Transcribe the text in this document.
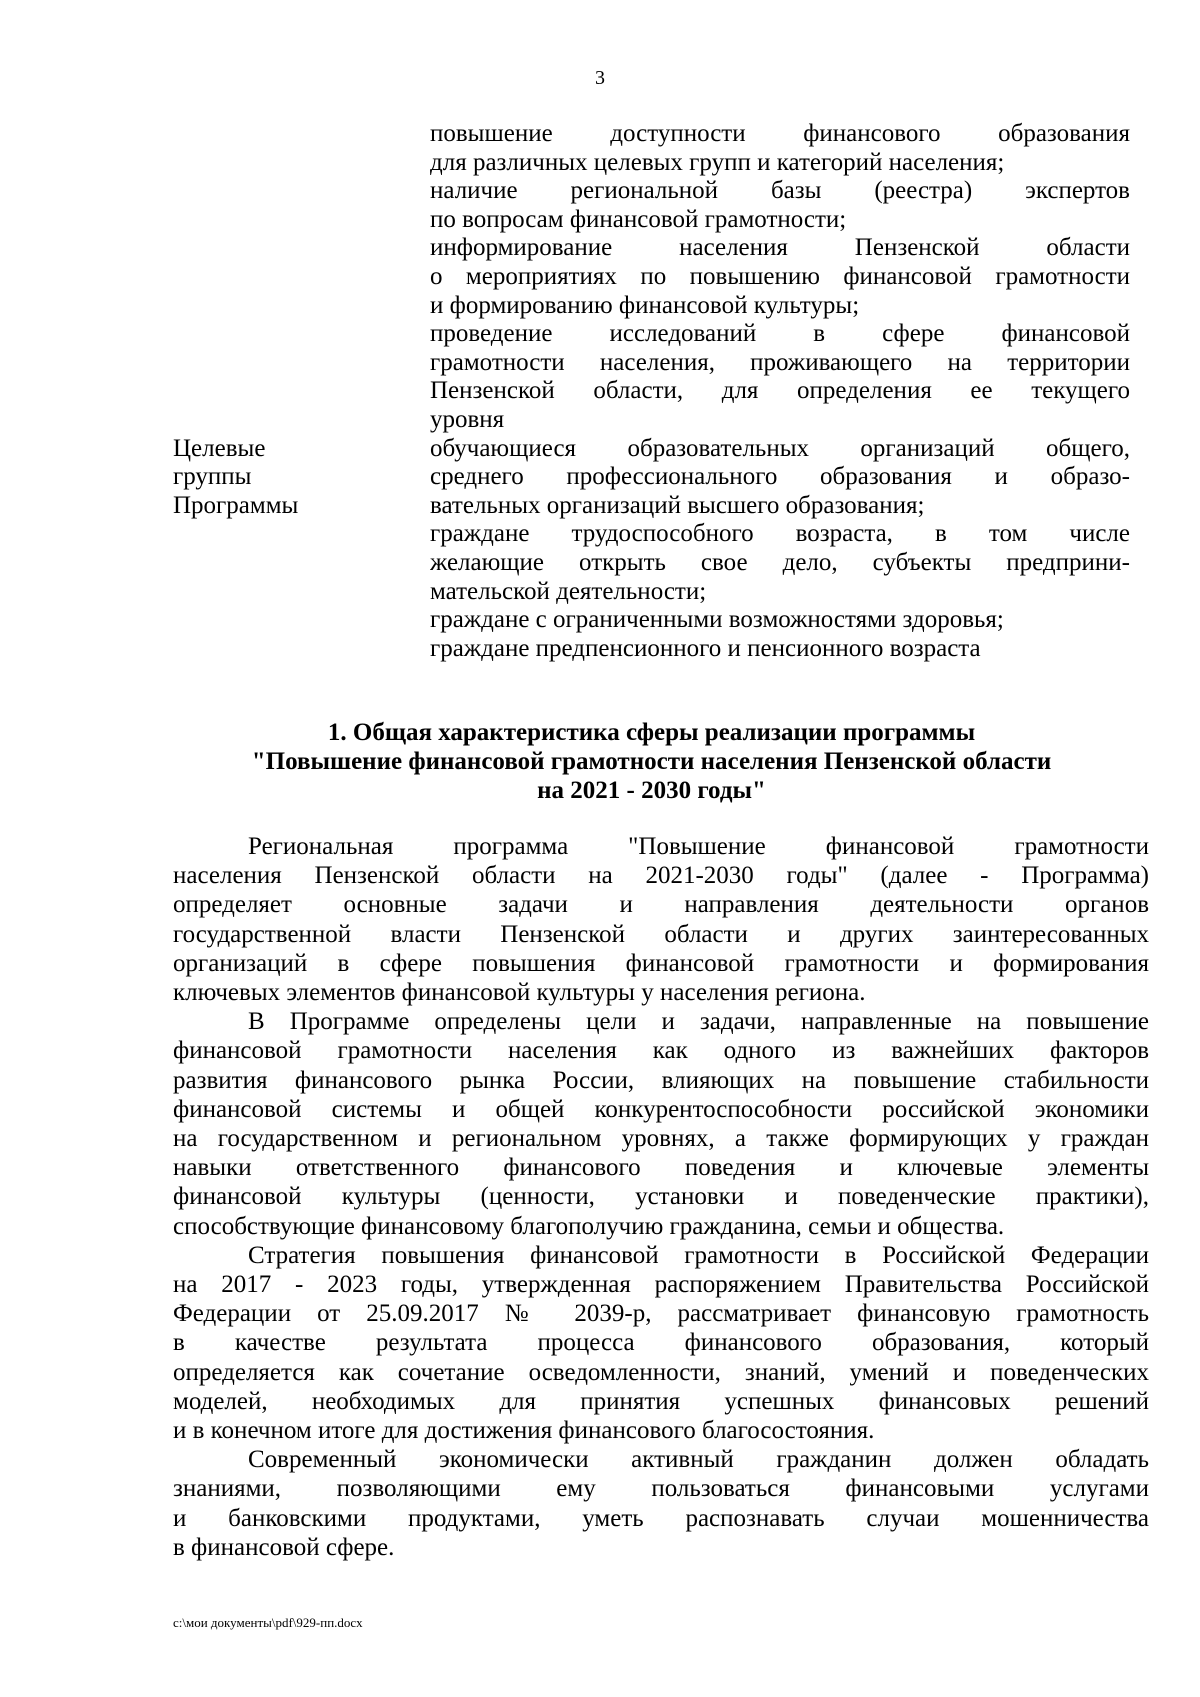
3
повышение доступности финансового образования
для различных целевых групп и категорий населения;
наличие региональной базы (реестра) экспертов
по вопросам финансовой грамотности;
информирование населения Пензенской области
о мероприятиях по повышению финансовой грамотности
и формированию финансовой культуры;
проведение исследований в сфере финансовой
грамотности населения, проживающего на территории
Пензенской области, для определения ее текущего
уровня
Целевые
группы
Программы
обучающиеся образовательных организаций общего,
среднего профессионального образования и образо-
вательных организаций высшего образования;
граждане трудоспособного возраста, в том числе
желающие открыть свое дело, субъекты предприни-
мательской деятельности;
граждане с ограниченными возможностями здоровья;
граждане предпенсионного и пенсионного возраста
1. Общая характеристика сферы реализации программы
"Повышение финансовой грамотности населения Пензенской области
на 2021 - 2030 годы"
Региональная программа "Повышение финансовой грамотности
населения Пензенской области на 2021-2030 годы" (далее - Программа)
определяет основные задачи и направления деятельности органов
государственной власти Пензенской области и других заинтересованных
организаций в сфере повышения финансовой грамотности и формирования
ключевых элементов финансовой культуры у населения региона.
В Программе определены цели и задачи, направленные на повышение
финансовой грамотности населения как одного из важнейших факторов
развития финансового рынка России, влияющих на повышение стабильности
финансовой системы и общей конкурентоспособности российской экономики
на государственном и региональном уровнях, а также формирующих у граждан
навыки ответственного финансового поведения и ключевые элементы
финансовой культуры (ценности, установки и поведенческие практики),
способствующие финансовому благополучию гражданина, семьи и общества.
Стратегия повышения финансовой грамотности в Российской Федерации
на 2017 - 2023 годы, утвержденная распоряжением Правительства Российской
Федерации от 25.09.2017 № 2039-р, рассматривает финансовую грамотность
в качестве результата процесса финансового образования, который
определяется как сочетание осведомленности, знаний, умений и поведенческих
моделей, необходимых для принятия успешных финансовых решений
и в конечном итоге для достижения финансового благосостояния.
Современный экономически активный гражданин должен обладать
знаниями, позволяющими ему пользоваться финансовыми услугами
и банковскими продуктами, уметь распознавать случаи мошенничества
в финансовой сфере.
c:\мои документы\pdf\929-пп.docx
